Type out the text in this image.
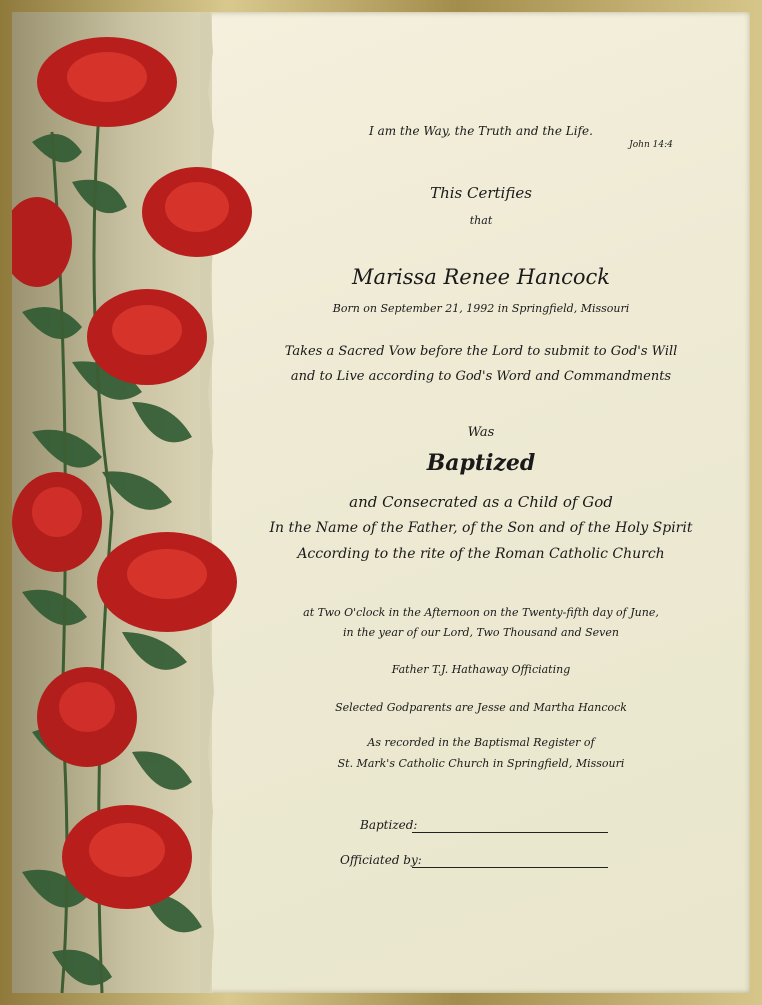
I am the Way, the Truth and the Life.
John 14:4
This Certifies
that
Marissa Renee Hancock
Born on September 21, 1992 in Springfield, Missouri
Takes a Sacred Vow before the Lord to submit to God's Will
and to Live according to God's Word and Commandments
Was
Baptized
and Consecrated as a Child of God
In the Name of the Father, of the Son and of the Holy Spirit
According to the rite of the Roman Catholic Church
at Two O'clock in the Afternoon on the Twenty-fifth day of June,
in the year of our Lord, Two Thousand and Seven
Father T.J. Hathaway Officiating
Selected Godparents are Jesse and Martha Hancock
As recorded in the Baptismal Register of
St. Mark's Catholic Church in Springfield, Missouri
Baptized:
Officiated by:
